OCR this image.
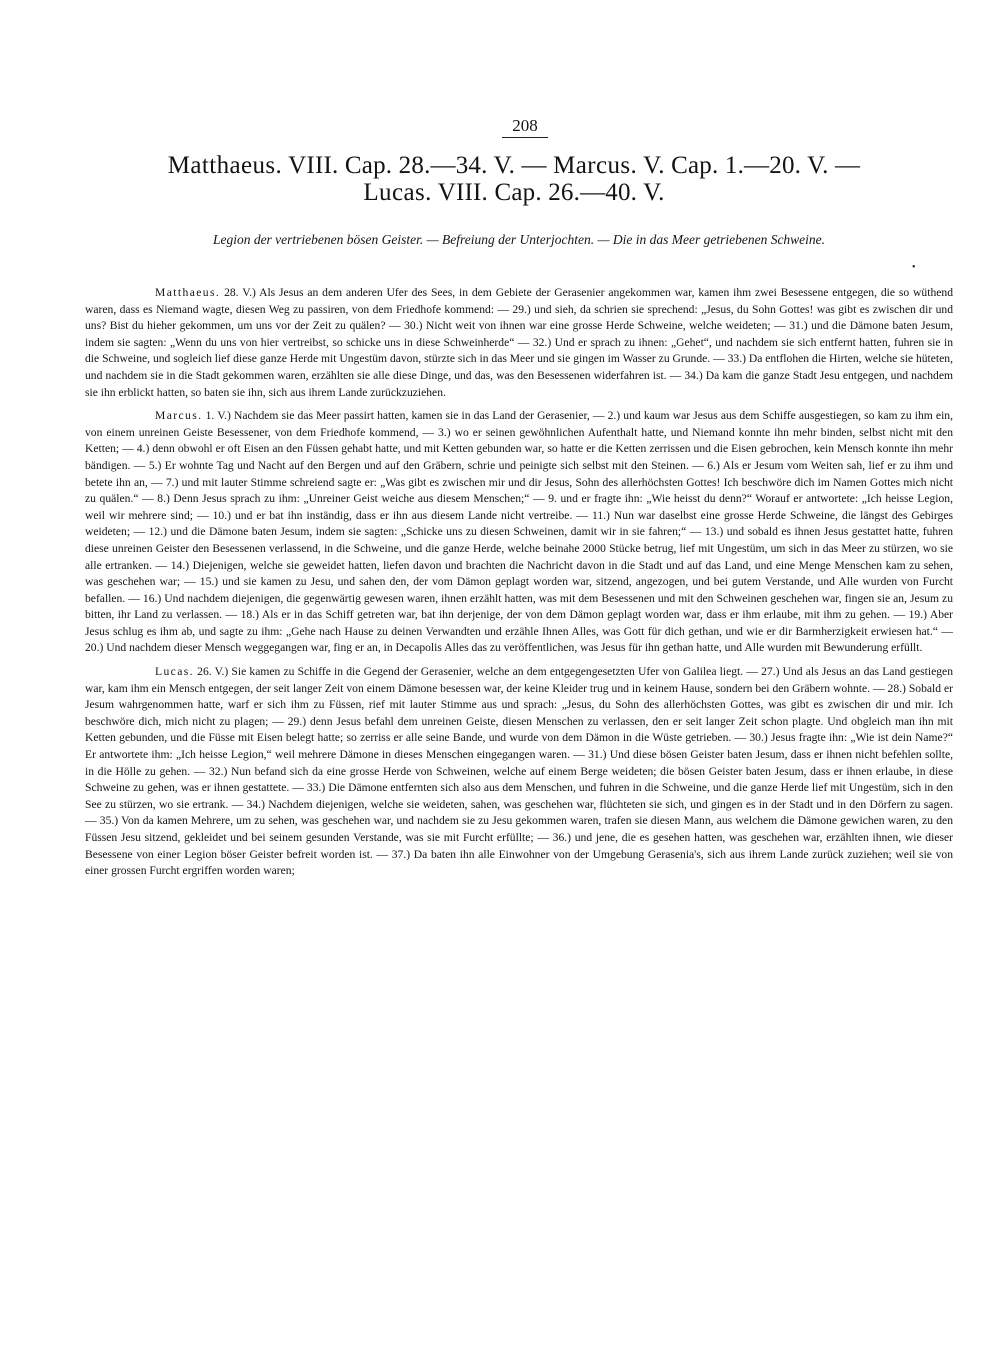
208
Matthaeus. VIII. Cap. 28.—34. V. — Marcus. V. Cap. 1.—20. V. —
Lucas. VIII. Cap. 26.—40. V.
Legion der vertriebenen bösen Geister. — Befreiung der Unterjochten. — Die in das Meer getriebenen Schweine.
•

Matthaeus. 28. V.) Als Jesus an dem anderen Ufer des Sees, in dem Gebiete der Gerasenier angekommen war, kamen ihm zwei Besessene entgegen, die so wüthend waren, dass es Niemand wagte, diesen Weg zu passiren, von dem Friedhofe kommend: — 29.) und sieh, da schrien sie sprechend: „Jesus, du Sohn Gottes! was gibt es zwischen dir und uns? Bist du hieher gekommen, um uns vor der Zeit zu quälen? — 30.) Nicht weit von ihnen war eine grosse Herde Schweine, welche weideten; — 31.) und die Dämone baten Jesum, indem sie sagten: „Wenn du uns von hier vertreibst, so schicke uns in diese Schweinherde“ — 32.) Und er sprach zu ihnen: „Gehet“, und nachdem sie sich entfernt hatten, fuhren sie in die Schweine, und sogleich lief diese ganze Herde mit Ungestüm davon, stürzte sich in das Meer und sie gingen im Wasser zu Grunde. — 33.) Da entflohen die Hirten, welche sie hüteten, und nachdem sie in die Stadt gekommen waren, erzählten sie alle diese Dinge, und das, was den Besessenen widerfahren ist. — 34.) Da kam die ganze Stadt Jesu entgegen, und nachdem sie ihn erblickt hatten, so baten sie ihn, sich aus ihrem Lande zurückzuziehen.

Marcus. 1. V.) Nachdem sie das Meer passirt hatten, kamen sie in das Land der Gerasenier, — 2.) und kaum war Jesus aus dem Schiffe ausgestiegen, so kam zu ihm ein, von einem unreinen Geiste Besessener, von dem Friedhofe kommend, — 3.) wo er seinen gewöhnlichen Aufenthalt hatte, und Niemand konnte ihn mehr binden, selbst nicht mit den Ketten; — 4.) denn obwohl er oft Eisen an den Füssen gehabt hatte, und mit Ketten gebunden war, so hatte er die Ketten zerrissen und die Eisen gebrochen, kein Mensch konnte ihn mehr bändigen. — 5.) Er wohnte Tag und Nacht auf den Bergen und auf den Gräbern, schrie und peinigte sich selbst mit den Steinen. — 6.) Als er Jesum vom Weiten sah, lief er zu ihm und betete ihn an, — 7.) und mit lauter Stimme schreiend sagte er: „Was gibt es zwischen mir und dir Jesus, Sohn des allerhöchsten Gottes! Ich beschwöre dich im Namen Gottes mich nicht zu quälen.“ — 8.) Denn Jesus sprach zu ihm: „Unreiner Geist weiche aus diesem Menschen;“ — 9. und er fragte ihn: „Wie heisst du denn?“ Worauf er antwortete: „Ich heisse Legion, weil wir mehrere sind; — 10.) und er bat ihn inständig, dass er ihn aus diesem Lande nicht vertreibe. — 11.) Nun war daselbst eine grosse Herde Schweine, die längst des Gebirges weideten; — 12.) und die Dämone baten Jesum, indem sie sagten: „Schicke uns zu diesen Schweinen, damit wir in sie fahren;“ — 13.) und sobald es ihnen Jesus gestattet hatte, fuhren diese unreinen Geister den Besessenen verlassend, in die Schweine, und die ganze Herde, welche beinahe 2000 Stücke betrug, lief mit Ungestüm, um sich in das Meer zu stürzen, wo sie alle ertranken. — 14.) Diejenigen, welche sie geweidet hatten, liefen davon und brachten die Nachricht davon in die Stadt und auf das Land, und eine Menge Menschen kam zu sehen, was geschehen war; — 15.) und sie kamen zu Jesu, und sahen den, der vom Dämon geplagt worden war, sitzend, angezogen, und bei gutem Verstande, und Alle wurden von Furcht befallen. — 16.) Und nachdem diejenigen, die gegenwärtig gewesen waren, ihnen erzählt hatten, was mit dem Besessenen und mit den Schweinen geschehen war, fingen sie an, Jesum zu bitten, ihr Land zu verlassen. — 18.) Als er in das Schiff getreten war, bat ihn derjenige, der von dem Dämon geplagt worden war, dass er ihm erlaube, mit ihm zu gehen. — 19.) Aber Jesus schlug es ihm ab, und sagte zu ihm: „Gehe nach Hause zu deinen Verwandten und erzähle Ihnen Alles, was Gott für dich gethan, und wie er dir Barmherzigkeit erwiesen hat.“ — 20.) Und nachdem dieser Mensch weggegangen war, fing er an, in Decapolis Alles das zu veröffentlichen, was Jesus für ihn gethan hatte, und Alle wurden mit Bewunderung erfüllt.

Lucas. 26. V.) Sie kamen zu Schiffe in die Gegend der Gerasenier, welche an dem entgegengesetzten Ufer von Galilea liegt. — 27.) Und als Jesus an das Land gestiegen war, kam ihm ein Mensch entgegen, der seit langer Zeit von einem Dämone besessen war, der keine Kleider trug und in keinem Hause, sondern bei den Gräbern wohnte. — 28.) Sobald er Jesum wahrgenommen hatte, warf er sich ihm zu Füssen, rief mit lauter Stimme aus und sprach: „Jesus, du Sohn des allerhöchsten Gottes, was gibt es zwischen dir und mir. Ich beschwöre dich, mich nicht zu plagen; — 29.) denn Jesus befahl dem unreinen Geiste, diesen Menschen zu verlassen, den er seit langer Zeit schon plagte. Und obgleich man ihn mit Ketten gebunden, und die Füsse mit Eisen belegt hatte; so zerriss er alle seine Bande, und wurde von dem Dämon in die Wüste getrieben. — 30.) Jesus fragte ihn: „Wie ist dein Name?“ Er antwortete ihm: „Ich heisse Legion,“ weil mehrere Dämone in dieses Menschen eingegangen waren. — 31.) Und diese bösen Geister baten Jesum, dass er ihnen nicht befehlen sollte, in die Hölle zu gehen. — 32.) Nun befand sich da eine grosse Herde von Schweinen, welche auf einem Berge weideten; die bösen Geister baten Jesum, dass er ihnen erlaube, in diese Schweine zu gehen, was er ihnen gestattete. — 33.) Die Dämone entfernten sich also aus dem Menschen, und fuhren in die Schweine, und die ganze Herde lief mit Ungestüm, sich in den See zu stürzen, wo sie ertrank. — 34.) Nachdem diejenigen, welche sie weideten, sahen, was geschehen war, flüchteten sie sich, und gingen es in der Stadt und in den Dörfern zu sagen. — 35.) Von da kamen Mehrere, um zu sehen, was geschehen war, und nachdem sie zu Jesu gekommen waren, trafen sie diesen Mann, aus welchem die Dämone gewichen waren, zu den Füssen Jesu sitzend, gekleidet und bei seinem gesunden Verstande, was sie mit Furcht erfüllte; — 36.) und jene, die es gesehen hatten, was geschehen war, erzählten ihnen, wie dieser Besessene von einer Legion böser Geister befreit worden ist. — 37.) Da baten ihn alle Einwohner von der Umgebung Gerasenia's, sich aus ihrem Lande zurück zuziehen; weil sie von einer grossen Furcht ergriffen worden waren;
